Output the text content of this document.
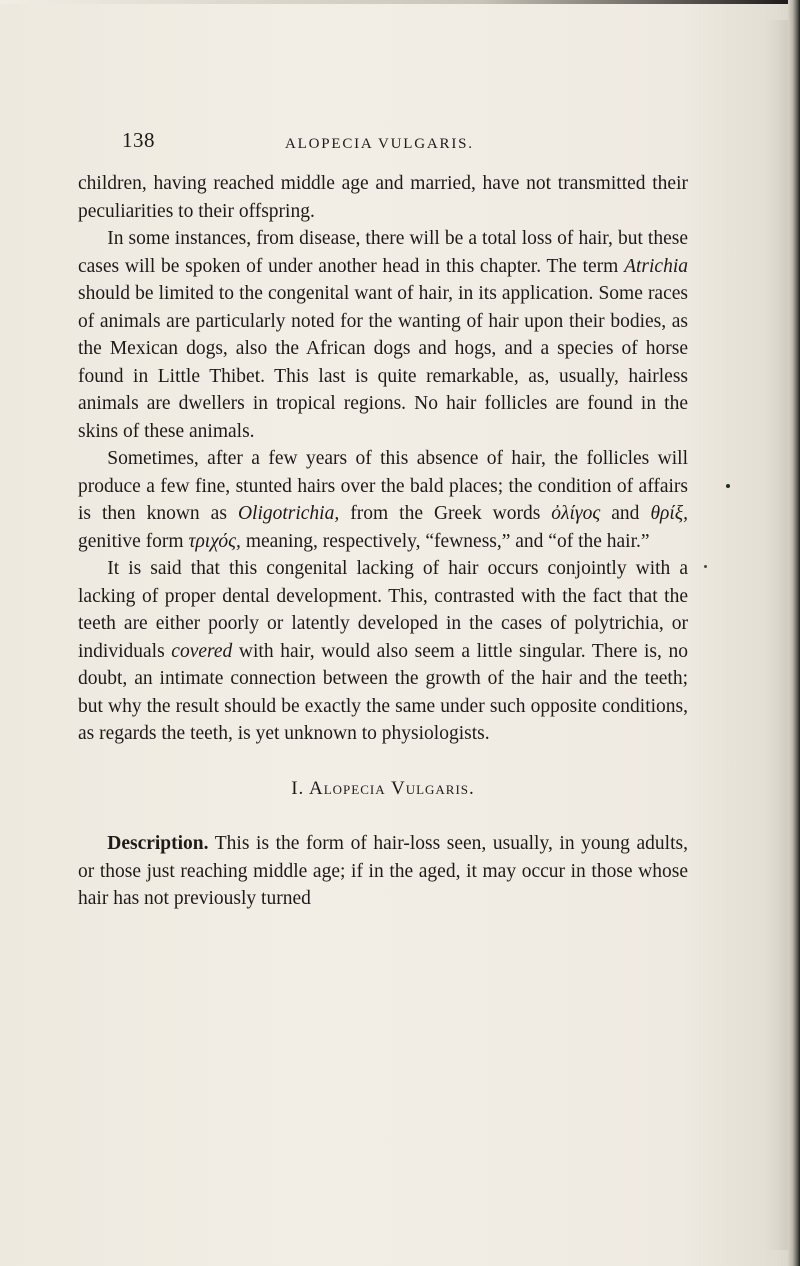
138	ALOPECIA VULGARIS.

children, having reached middle age and married, have not transmitted their peculiarities to their offspring.

In some instances, from disease, there will be a total loss of hair, but these cases will be spoken of under another head in this chapter. The term Atrichia should be limited to the congenital want of hair, in its application. Some races of animals are particularly noted for the wanting of hair upon their bodies, as the Mexican dogs, also the African dogs and hogs, and a species of horse found in Little Thibet. This last is quite remarkable, as, usually, hairless animals are dwellers in tropical regions. No hair follicles are found in the skins of these animals.

Sometimes, after a few years of this absence of hair, the follicles will produce a few fine, stunted hairs over the bald places; the condition of affairs is then known as Oligotrichia, from the Greek words ὀλίγος and θρίξ, genitive form τριχός, meaning, respectively, “fewness,” and “of the hair.”

It is said that this congenital lacking of hair occurs conjointly with a lacking of proper dental development. This, contrasted with the fact that the teeth are either poorly or latently developed in the cases of polytrichia, or individuals covered with hair, would also seem a little singular. There is, no doubt, an intimate connection between the growth of the hair and the teeth; but why the result should be exactly the same under such opposite conditions, as regards the teeth, is yet unknown to physiologists.

I. Alopecia Vulgaris.

Description. This is the form of hair-loss seen, usually, in young adults, or those just reaching middle age; if in the aged, it may occur in those whose hair has not previously turned
